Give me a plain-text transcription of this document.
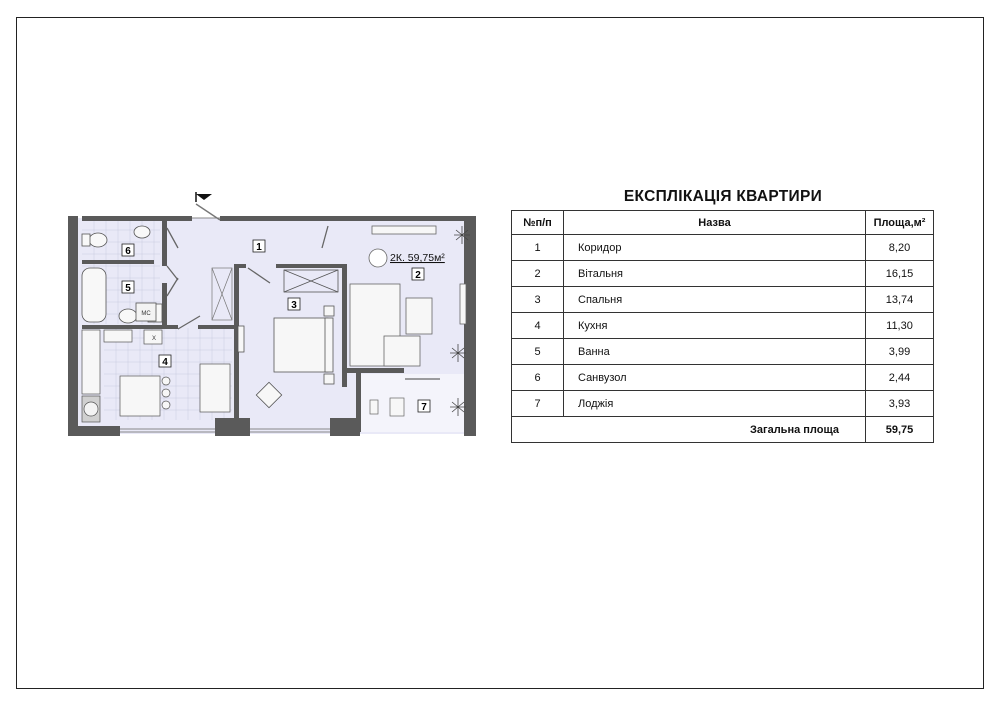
МС
Х
1
2
3
4
5
6
7
2К. 59,75м²
ЕКСПЛІКАЦІЯ КВАРТИРИ
№п/п	Назва	Площа,м²
1	Коридор	8,20
2	Вітальня	16,15
3	Спальня	13,74
4	Кухня	11,30
5	Ванна	3,99
6	Санвузол	2,44
7	Лоджія	3,93
Загальна площа		59,75
